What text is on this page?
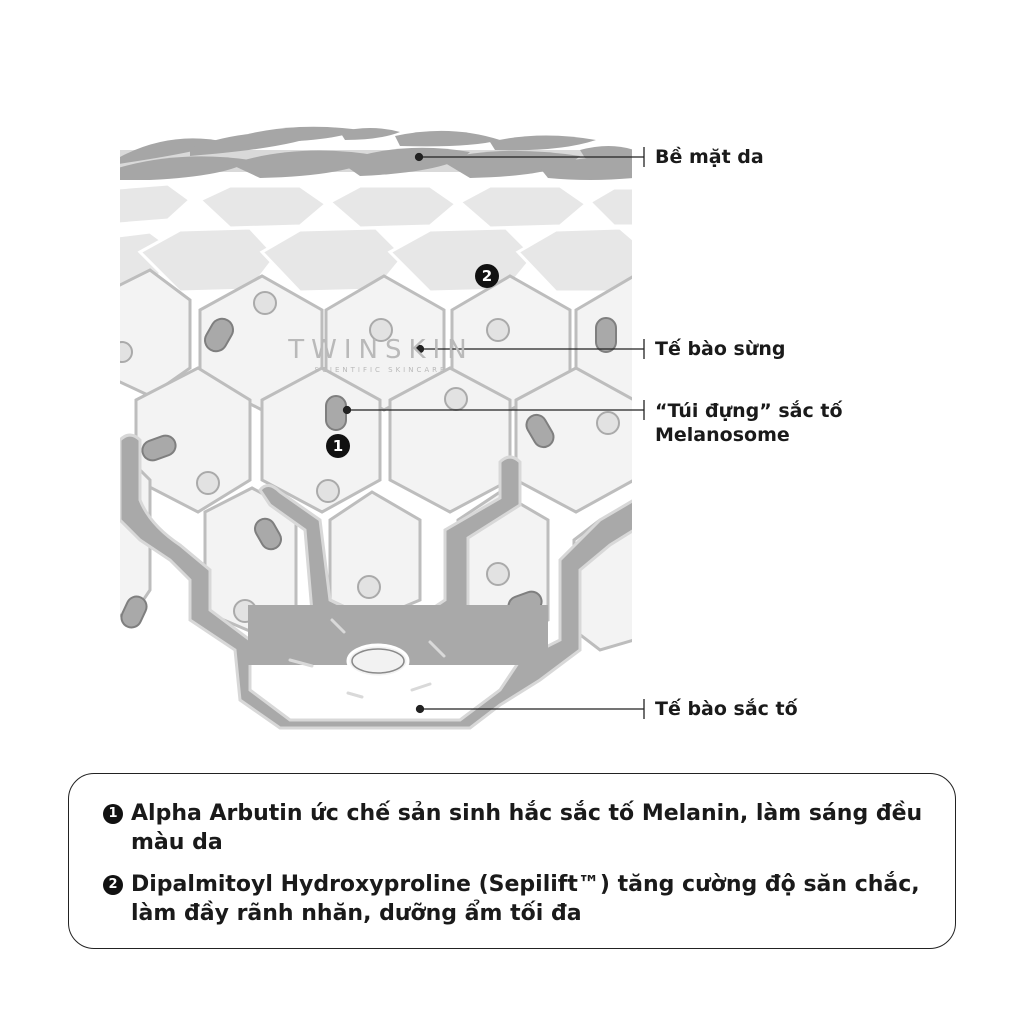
TWINSKIN
SCIENTIFIC SKINCARE
2
1
Bề mặt da
Tế bào sừng
“Túi đựng” sắc tố
Melanosome
Tế bào sắc tố
1 Alpha Arbutin ức chế sản sinh hắc sắc tố Melanin, làm sáng đều màu da
2 Dipalmitoyl Hydroxyproline (Sepilift™) tăng cường độ săn chắc, làm đầy rãnh nhăn, dưỡng ẩm tối đa
